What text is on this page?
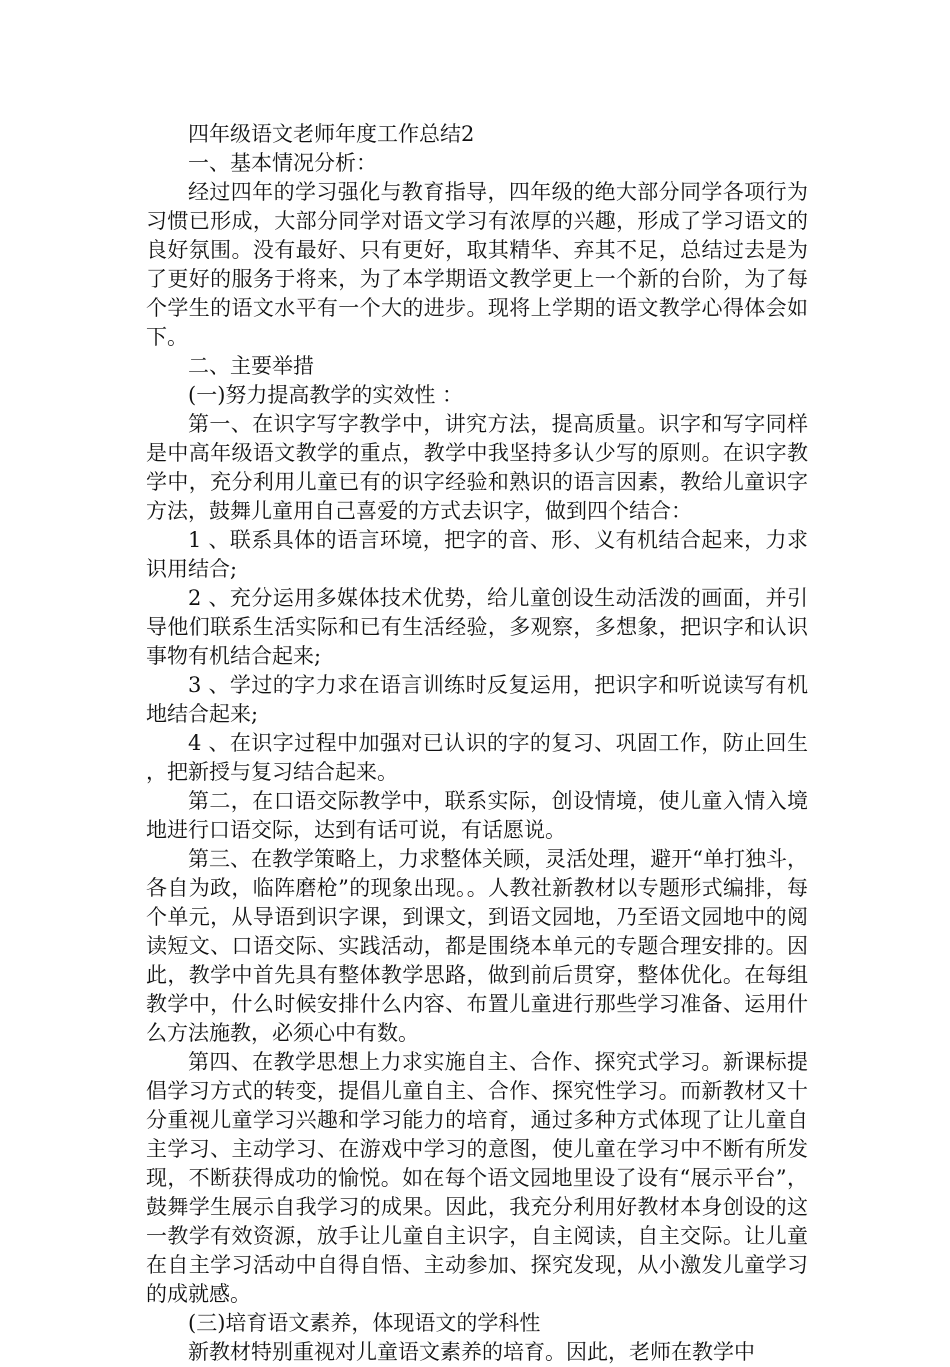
四年级语文老师年度工作总结2

一、基本情况分析：

经过四年的学习强化与教育指导，四年级的绝大部分同学各项行为习惯已形成，大部分同学对语文学习有浓厚的兴趣，形成了学习语文的良好氛围。没有最好、只有更好，取其精华、弃其不足，总结过去是为了更好的服务于将来，为了本学期语文教学更上一个新的台阶，为了每个学生的语文水平有一个大的进步。现将上学期的语文教学心得体会如下。

二、主要举措

(一)努力提高教学的实效性 ：

第一、在识字写字教学中，讲究方法，提高质量。识字和写字同样是中高年级语文教学的重点，教学中我坚持多认少写的原则。在识字教学中，充分利用儿童已有的识字经验和熟识的语言因素，教给儿童识字方法，鼓舞儿童用自己喜爱的方式去识字，做到四个结合：

1 、联系具体的语言环境，把字的音、形、义有机结合起来，力求识用结合;

2 、充分运用多媒体技术优势，给儿童创设生动活泼的画面，并引导他们联系生活实际和已有生活经验，多观察，多想象，把识字和认识事物有机结合起来;

3 、学过的字力求在语言训练时反复运用，把识字和听说读写有机地结合起来;

4 、在识字过程中加强对已认识的字的复习、巩固工作，防止回生，把新授与复习结合起来。

第二，在口语交际教学中，联系实际，创设情境，使儿童入情入境地进行口语交际，达到有话可说，有话愿说。

第三、在教学策略上，力求整体关顾，灵活处理，避开“单打独斗，各自为政，临阵磨枪”的现象出现。。人教社新教材以专题形式编排，每个单元，从导语到识字课，到课文，到语文园地，乃至语文园地中的阅读短文、口语交际、实践活动，都是围绕本单元的专题合理安排的。因此，教学中首先具有整体教学思路，做到前后贯穿，整体优化。在每组教学中，什么时候安排什么内容、布置儿童进行那些学习准备、运用什么方法施教，必须心中有数。

第四、在教学思想上力求实施自主、合作、探究式学习。新课标提倡学习方式的转变，提倡儿童自主、合作、探究性学习。而新教材又十分重视儿童学习兴趣和学习能力的培育，通过多种方式体现了让儿童自主学习、主动学习、在游戏中学习的意图，使儿童在学习中不断有所发现，不断获得成功的愉悦。如在每个语文园地里设了设有“展示平台”，鼓舞学生展示自我学习的成果。因此，我充分利用好教材本身创设的这一教学有效资源，放手让儿童自主识字，自主阅读，自主交际。让儿童在自主学习活动中自得自悟、主动参加、探究发现，从小激发儿童学习的成就感。

(三)培育语文素养，体现语文的学科性

新教材特别重视对儿童语文素养的培育。因此，老师在教学中
